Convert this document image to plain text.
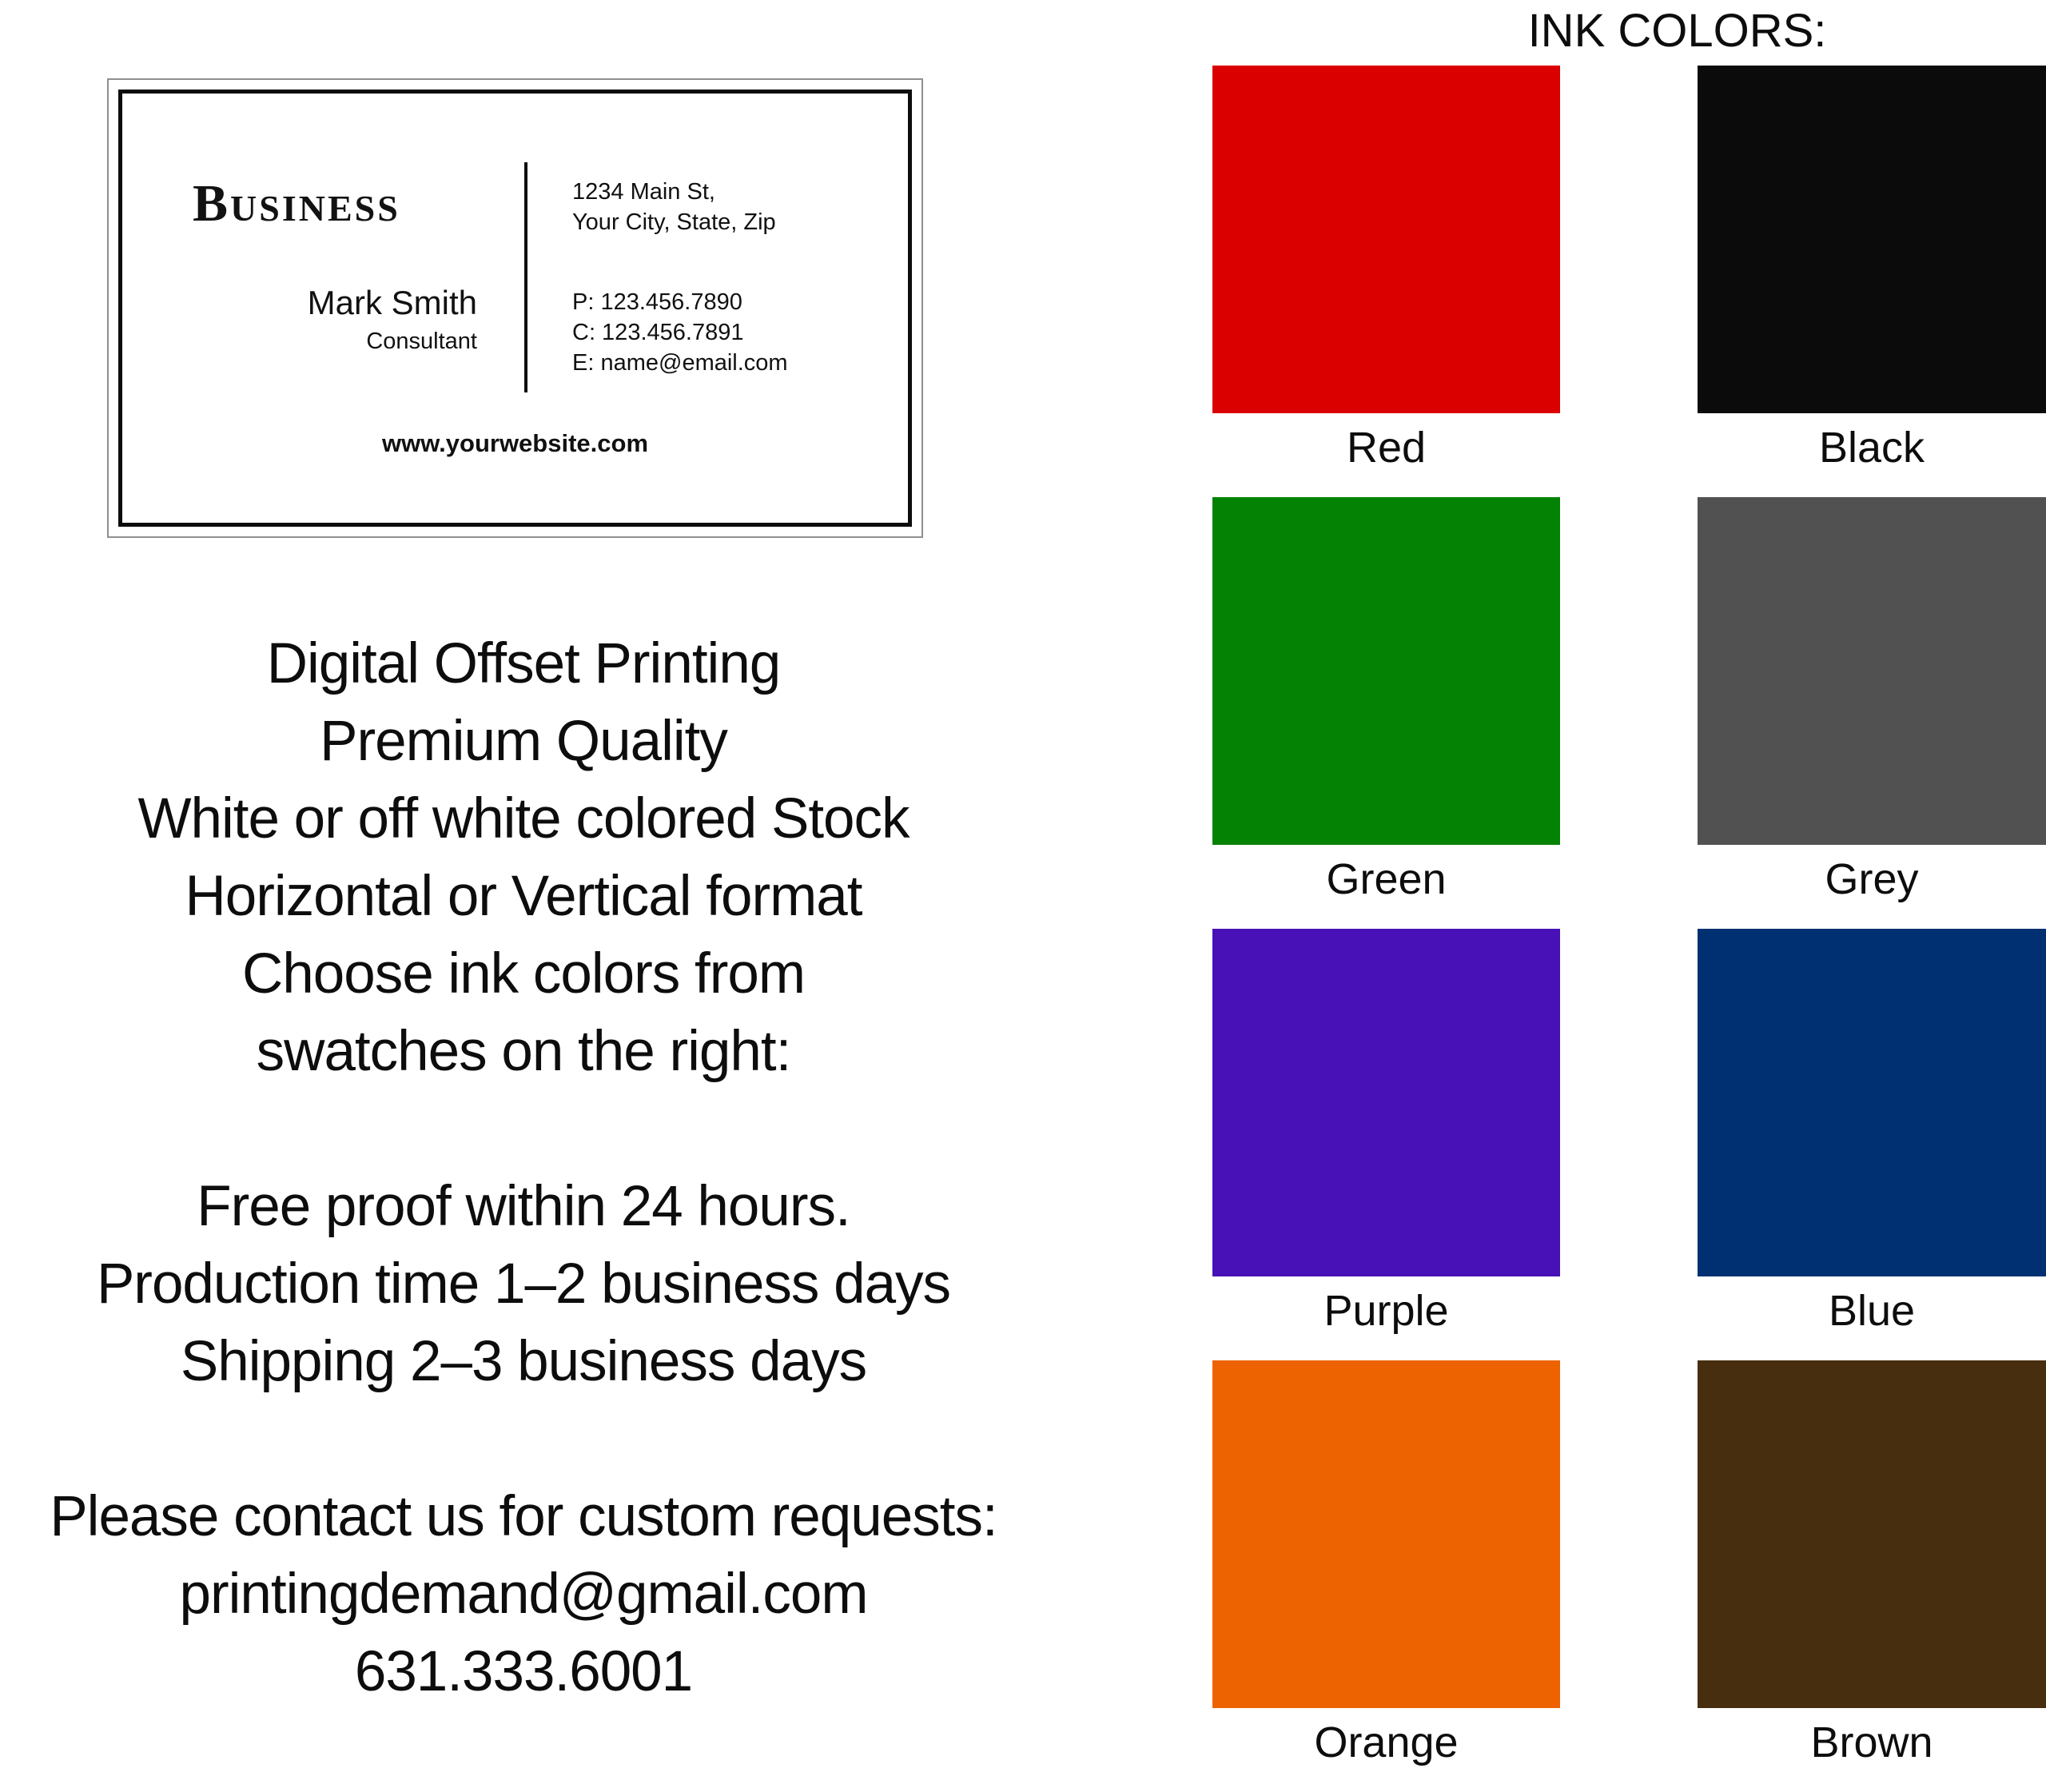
Business
Mark Smith
Consultant
1234 Main St,
Your City, State, Zip
P: 123.456.7890
C: 123.456.7891
E: name@email.com
www.yourwebsite.com

Digital Offset Printing
Premium Quality
White or off white colored Stock
Horizontal or Vertical format
Choose ink colors from
swatches on the right:

Free proof within 24 hours.
Production time 1–2 business days
Shipping 2–3 business days

Please contact us for custom requests:
printingdemand@gmail.com
631.333.6001

INK COLORS:
Red	Black
Green	Grey
Purple	Blue
Orange	Brown
